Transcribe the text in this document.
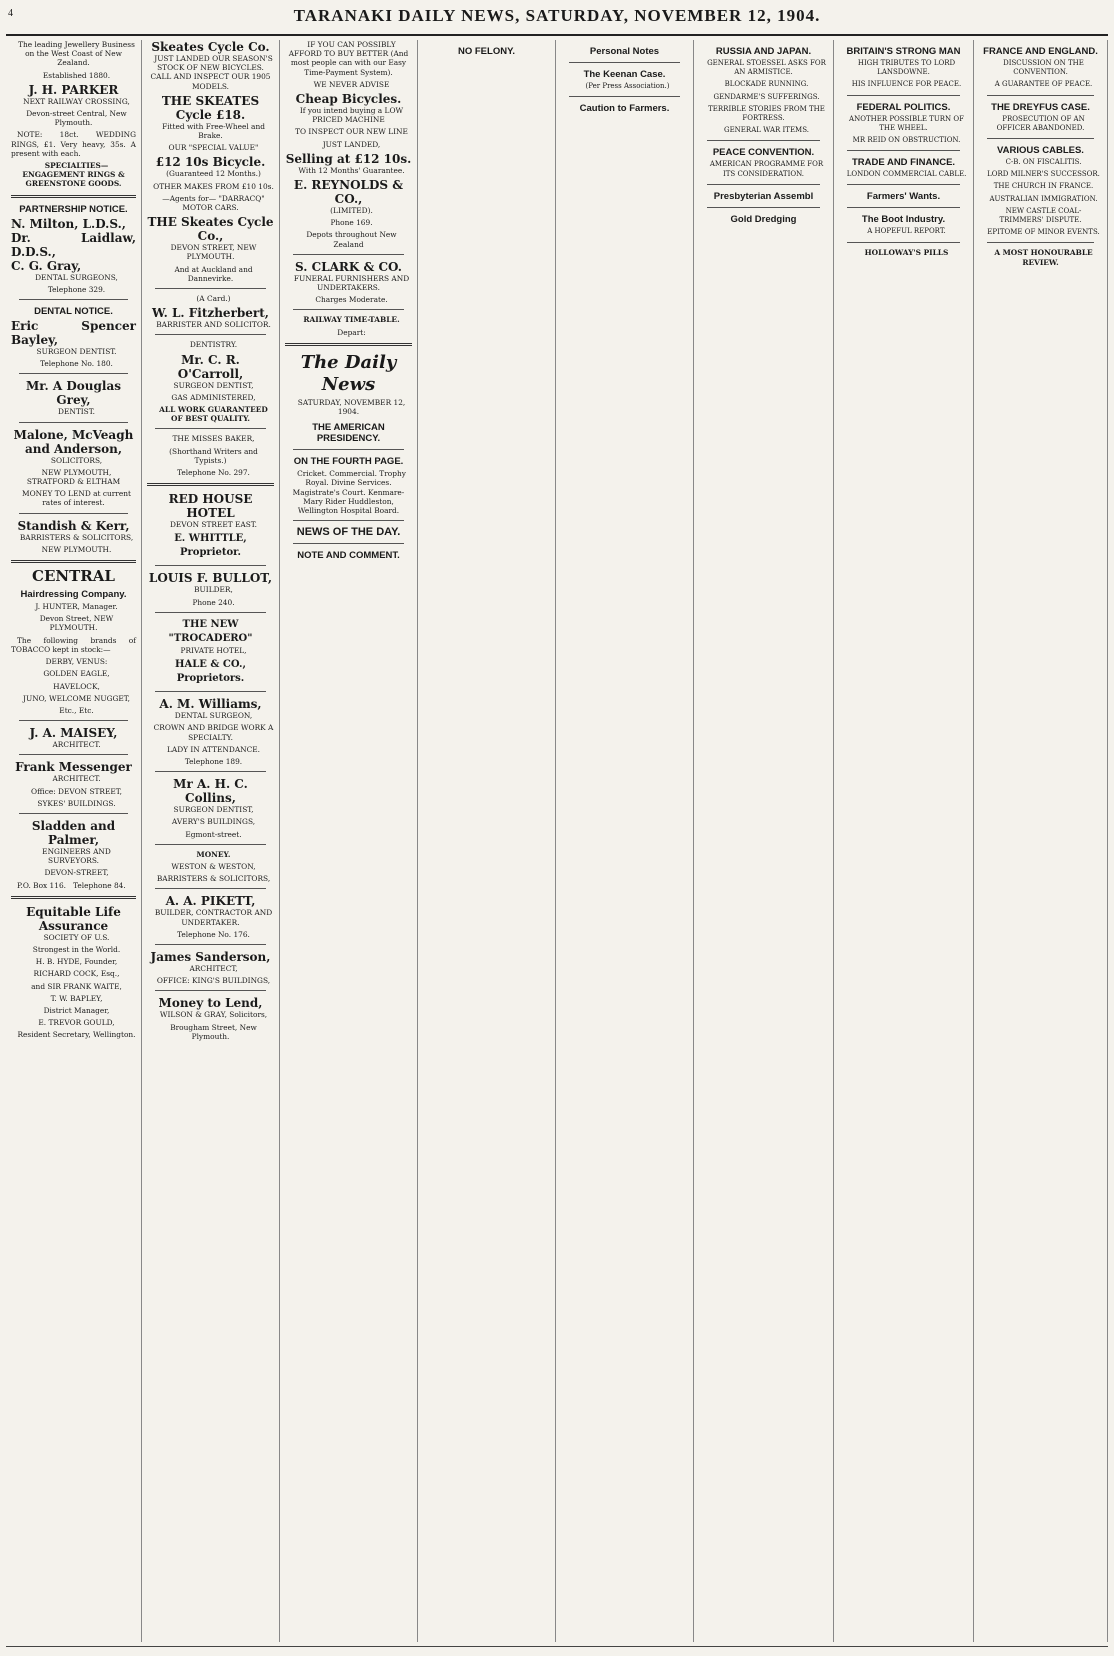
4	TARANAKI DAILY NEWS, SATURDAY, NOVEMBER 12, 1904.

The leading Jewellery Business on the West Coast of New Zealand.

Established 1880.

J. H. PARKER

NEXT RAILWAY CROSSING,

Devon-street Central, New Plymouth.

NOTE: 18ct. WEDDING RINGS, £1. Very heavy, 35s. A present with each.

SPECIALTIES— ENGAGEMENT RINGS & GREENSTONE GOODS.

PARTNERSHIP NOTICE.
N. Milton, L.D.S.,
Dr. Laidlaw, D.D.S.,
C. G. Gray,

DENTAL SURGEONS,

Telephone 329.

DENTAL NOTICE.
Eric Spencer Bayley,

SURGEON DENTIST.

Telephone No. 180.

Mr. A Douglas Grey,

DENTIST.

Malone, McVeagh and Anderson,

SOLICITORS,

NEW PLYMOUTH, STRATFORD & ELTHAM

MONEY TO LEND at current rates of interest.

Standish & Kerr,

BARRISTERS & SOLICITORS,

NEW PLYMOUTH.

CENTRAL
Hairdressing Company.

J. HUNTER, Manager.

Devon Street, NEW PLYMOUTH.

The following brands of TOBACCO kept in stock:—

DERBY, VENUS:

GOLDEN EAGLE,

HAVELOCK,

JUNO, WELCOME NUGGET,

Etc., Etc.

J. A. MAISEY,

ARCHITECT.

Frank Messenger

ARCHITECT.

Office: DEVON STREET,

SYKES' BUILDINGS.

Sladden and Palmer,

ENGINEERS AND SURVEYORS.

DEVON-STREET,

P.O. Box 116. Telephone 84.

Equitable Life Assurance

SOCIETY OF U.S.

Strongest in the World.

H. B. HYDE, Founder,

RICHARD COCK, Esq.,

and SIR FRANK WAITE,

T. W. BAPLEY,

District Manager,

E. TREVOR GOULD,

Resident Secretary, Wellington.

Skeates Cycle Co.

JUST LANDED OUR SEASON'S STOCK OF NEW BICYCLES. CALL AND INSPECT OUR 1905 MODELS.

THE SKEATES
Cycle £18.

Fitted with Free-Wheel and Brake.

OUR "SPECIAL VALUE"

£12 10s Bicycle.

(Guaranteed 12 Months.)

OTHER MAKES FROM £10 10s.

—Agents for— "DARRACQ" MOTOR CARS.

THE Skeates Cycle Co.,

DEVON STREET, NEW PLYMOUTH.

And at Auckland and Dannevirke.

(A Card.)

W. L. Fitzherbert,

BARRISTER AND SOLICITOR.

DENTISTRY.

Mr. C. R. O'Carroll,

SURGEON DENTIST,

GAS ADMINISTERED,

ALL WORK GUARANTEED OF BEST QUALITY.

THE MISSES BAKER,

(Shorthand Writers and Typists.)

Telephone No. 297.

RED HOUSE HOTEL

DEVON STREET EAST.

E. WHITTLE, Proprietor.
LOUIS F. BULLOT,

BUILDER,

Phone 240.

THE NEW "TROCADERO"

PRIVATE HOTEL,

HALE & CO., Proprietors.
A. M. Williams,

DENTAL SURGEON,

CROWN AND BRIDGE WORK A SPECIALTY.

LADY IN ATTENDANCE.

Telephone 189.

Mr A. H. C. Collins,

SURGEON DENTIST,

AVERY'S BUILDINGS,

Egmont-street.

MONEY.

WESTON & WESTON,

BARRISTERS & SOLICITORS,

A. A. PIKETT,

BUILDER, CONTRACTOR AND UNDERTAKER.

Telephone No. 176.

James Sanderson,

ARCHITECT,

OFFICE: KING'S BUILDINGS,

Money to Lend,

WILSON & GRAY, Solicitors,

Brougham Street, New Plymouth.

IF YOU CAN POSSIBLY AFFORD TO BUY BETTER (And most people can with our Easy Time-Payment System).

WE NEVER ADVISE

Cheap Bicycles.

If you intend buying a LOW PRICED MACHINE

TO INSPECT OUR NEW LINE

JUST LANDED,

Selling at £12 10s.

With 12 Months' Guarantee.

E. REYNOLDS & CO.,

(LIMITED).

Phone 169.

Depots throughout New Zealand

S. CLARK & CO.

FUNERAL FURNISHERS AND UNDERTAKERS.

Charges Moderate.

RAILWAY TIME-TABLE.

Depart:

The Daily News

SATURDAY, NOVEMBER 12, 1904.

THE AMERICAN PRESIDENCY.
ON THE FOURTH PAGE.

Cricket. Commercial. Trophy Royal. Divine Services. Magistrate's Court. Kenmare-Mary Rider Huddleston, Wellington Hospital Board.

NEWS OF THE DAY.
NOTE AND COMMENT.
NO FELONY.	Personal Notes
The Keenan Case.

(Per Press Association.)

Caution to Farmers.
RUSSIA AND JAPAN.

GENERAL STOESSEL ASKS FOR AN ARMISTICE.

BLOCKADE RUNNING.

GENDARME'S SUFFERINGS.

TERRIBLE STORIES FROM THE FORTRESS.

GENERAL WAR ITEMS.

PEACE CONVENTION.

AMERICAN PROGRAMME FOR ITS CONSIDERATION.

Presbyterian Assembl
Gold Dredging
BRITAIN'S STRONG MAN

HIGH TRIBUTES TO LORD LANSDOWNE.

HIS INFLUENCE FOR PEACE.

FEDERAL POLITICS.

ANOTHER POSSIBLE TURN OF THE WHEEL.

MR REID ON OBSTRUCTION.

TRADE AND FINANCE.

LONDON COMMERCIAL CABLE.

Farmers' Wants.
The Boot Industry.

A HOPEFUL REPORT.

HOLLOWAY'S PILLS

FRANCE AND ENGLAND.

DISCUSSION ON THE CONVENTION.

A GUARANTEE OF PEACE.

THE DREYFUS CASE.

PROSECUTION OF AN OFFICER ABANDONED.

VARIOUS CABLES.

C-B. ON FISCALITIS.

LORD MILNER'S SUCCESSOR.

THE CHURCH IN FRANCE.

AUSTRALIAN IMMIGRATION.

NEW CASTLE COAL-TRIMMERS' DISPUTE.

EPITOME OF MINOR EVENTS.

A MOST HONOURABLE REVIEW.
